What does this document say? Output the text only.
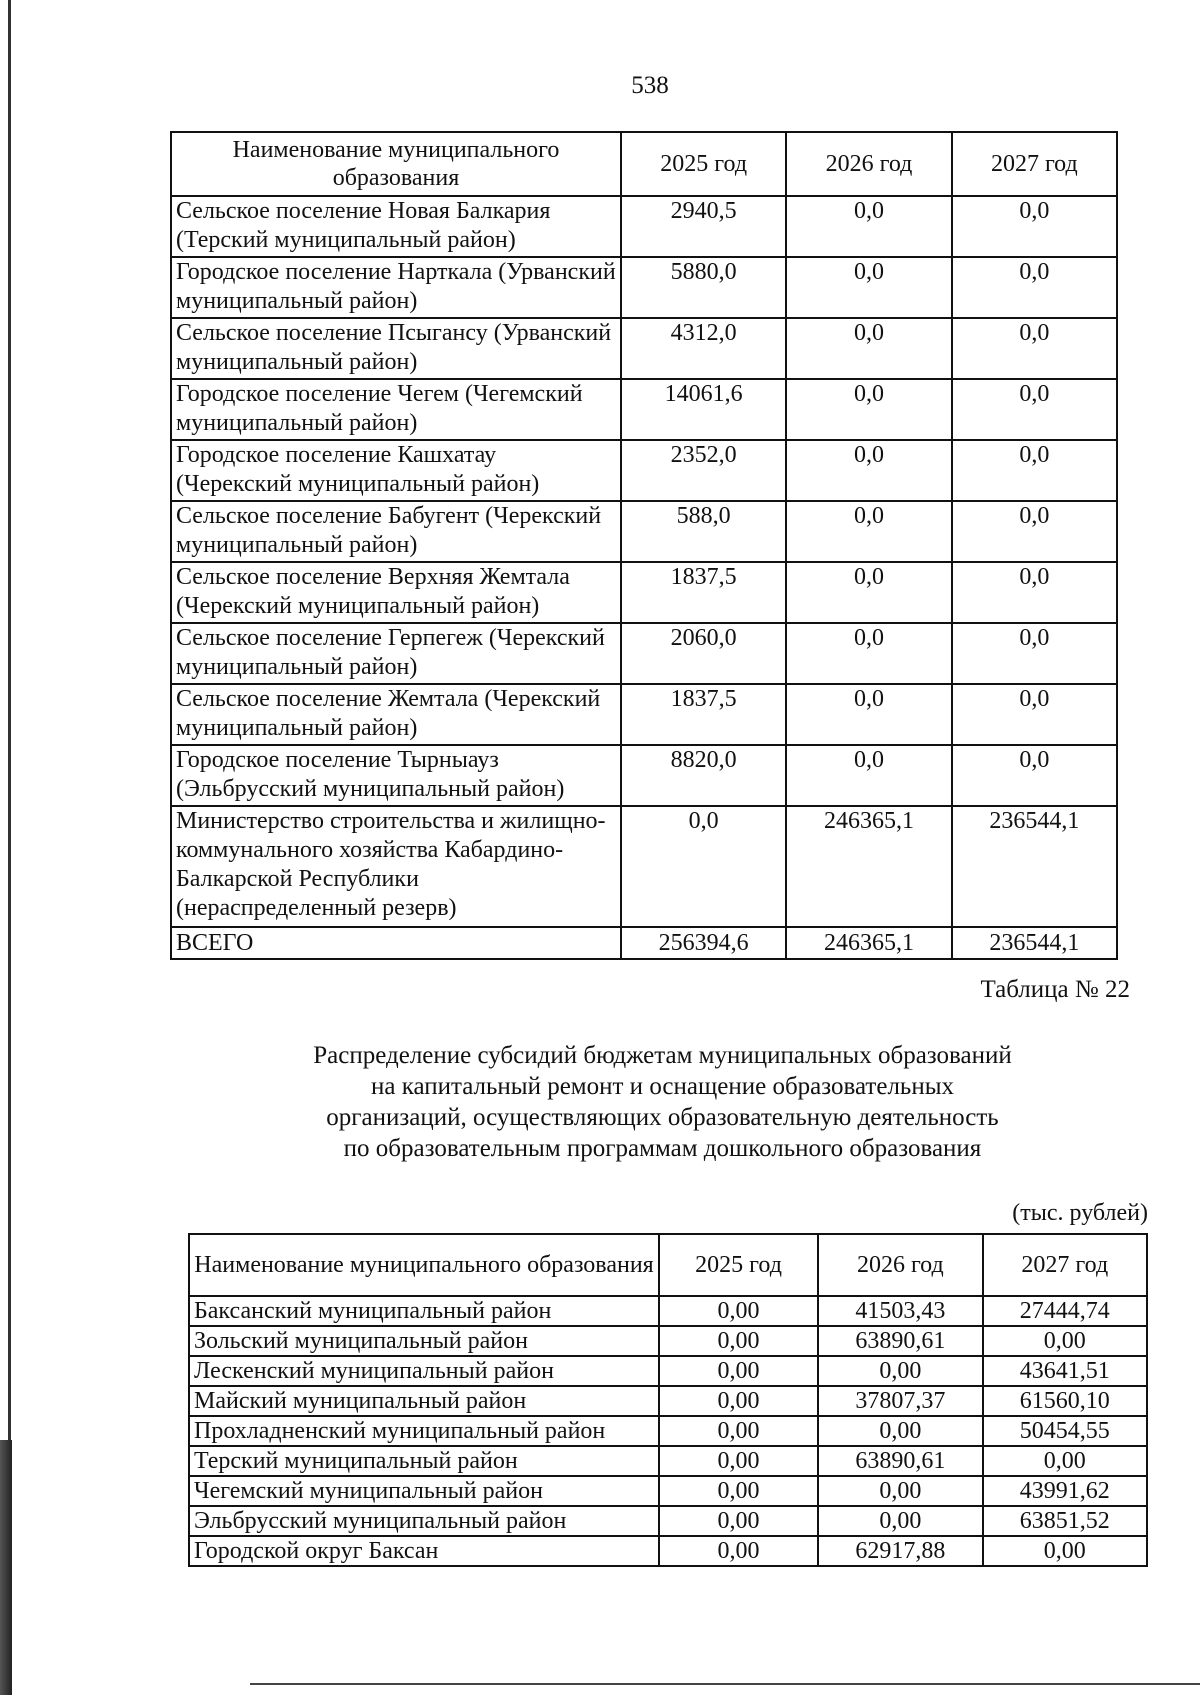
538
Наименование муниципального образования	2025 год	2026 год	2027 год
Сельское поселение Новая Балкария (Терский муниципальный район)	2940,5	0,0	0,0
Городское поселение Нарткала (Урванский муниципальный район)	5880,0	0,0	0,0
Сельское поселение Псыгансу (Урванский муниципальный район)	4312,0	0,0	0,0
Городское поселение Чегем (Чегемский муниципальный район)	14061,6	0,0	0,0
Городское поселение Кашхатау (Черекский муниципальный район)	2352,0	0,0	0,0
Сельское поселение Бабугент (Черекский муниципальный район)	588,0	0,0	0,0
Сельское поселение Верхняя Жемтала (Черекский муниципальный район)	1837,5	0,0	0,0
Сельское поселение Герпегеж (Черекский муниципальный район)	2060,0	0,0	0,0
Сельское поселение Жемтала (Черекский муниципальный район)	1837,5	0,0	0,0
Городское поселение Тырныауз (Эльбрусский муниципальный район)	8820,0	0,0	0,0
Министерство строительства и жилищно-коммунального хозяйства Кабардино-Балкарской Республики (нераспределенный резерв)	0,0	246365,1	236544,1
ВСЕГО	256394,6	246365,1	236544,1
Таблица № 22
Распределение субсидий бюджетам муниципальных образований
на капитальный ремонт и оснащение образовательных
организаций, осуществляющих образовательную деятельность
по образовательным программам дошкольного образования
(тыс. рублей)
Наименование муниципального образования	2025 год	2026 год	2027 год
Баксанский муниципальный район	0,00	41503,43	27444,74
Зольский муниципальный район	0,00	63890,61	0,00
Лескенский муниципальный район	0,00	0,00	43641,51
Майский муниципальный район	0,00	37807,37	61560,10
Прохладненский муниципальный район	0,00	0,00	50454,55
Терский муниципальный район	0,00	63890,61	0,00
Чегемский муниципальный район	0,00	0,00	43991,62
Эльбрусский муниципальный район	0,00	0,00	63851,52
Городской округ Баксан	0,00	62917,88	0,00
